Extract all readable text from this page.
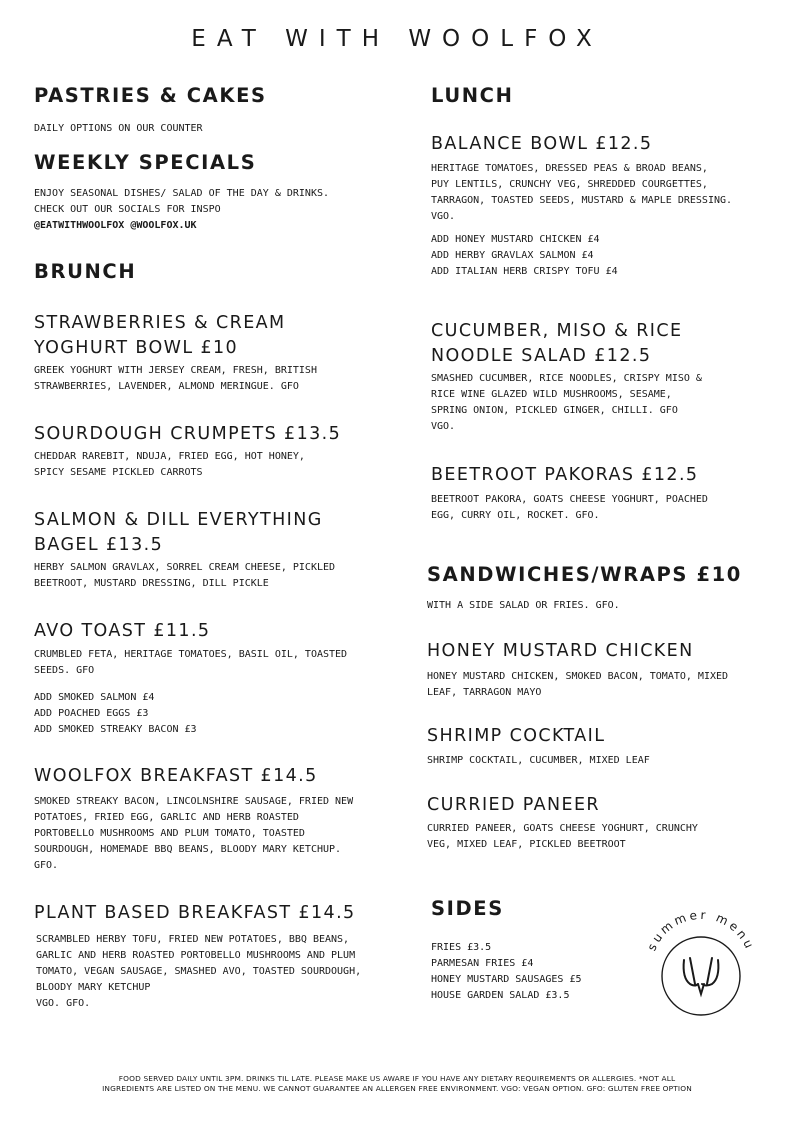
EAT WITH WOOLFOX
PASTRIES & CAKES
DAILY OPTIONS ON OUR COUNTER
WEEKLY SPECIALS
ENJOY SEASONAL DISHES/ SALAD OF THE DAY & DRINKS.
CHECK OUT OUR SOCIALS FOR INSPO
@EATWITHWOOLFOX @WOOLFOX.UK
BRUNCH
STRAWBERRIES & CREAM
YOGHURT BOWL £10
GREEK YOGHURT WITH JERSEY CREAM, FRESH, BRITISH
STRAWBERRIES, LAVENDER, ALMOND MERINGUE. GFO
SOURDOUGH CRUMPETS £13.5
CHEDDAR RAREBIT, NDUJA, FRIED EGG, HOT HONEY,
SPICY SESAME PICKLED CARROTS
SALMON & DILL EVERYTHING
BAGEL £13.5
HERBY SALMON GRAVLAX, SORREL CREAM CHEESE, PICKLED
BEETROOT, MUSTARD DRESSING, DILL PICKLE
AVO TOAST £11.5
CRUMBLED FETA, HERITAGE TOMATOES, BASIL OIL, TOASTED
SEEDS. GFO
ADD SMOKED SALMON £4
ADD POACHED EGGS £3
ADD SMOKED STREAKY BACON £3
WOOLFOX BREAKFAST £14.5
SMOKED STREAKY BACON, LINCOLNSHIRE SAUSAGE, FRIED NEW
POTATOES, FRIED EGG, GARLIC AND HERB ROASTED
PORTOBELLO MUSHROOMS AND PLUM TOMATO, TOASTED
SOURDOUGH, HOMEMADE BBQ BEANS, BLOODY MARY KETCHUP.
GFO.
PLANT BASED BREAKFAST £14.5
SCRAMBLED HERBY TOFU, FRIED NEW POTATOES, BBQ BEANS,
GARLIC AND HERB ROASTED PORTOBELLO MUSHROOMS AND PLUM
TOMATO, VEGAN SAUSAGE, SMASHED AVO, TOASTED SOURDOUGH,
BLOODY MARY KETCHUP
VGO. GFO.
LUNCH
BALANCE BOWL £12.5
HERITAGE TOMATOES, DRESSED PEAS & BROAD BEANS,
PUY LENTILS, CRUNCHY VEG, SHREDDED COURGETTES,
TARRAGON, TOASTED SEEDS, MUSTARD & MAPLE DRESSING.
VGO.
ADD HONEY MUSTARD CHICKEN £4
ADD HERBY GRAVLAX SALMON £4
ADD ITALIAN HERB CRISPY TOFU £4
CUCUMBER, MISO & RICE
NOODLE SALAD £12.5
SMASHED CUCUMBER, RICE NOODLES, CRISPY MISO &
RICE WINE GLAZED WILD MUSHROOMS, SESAME,
SPRING ONION, PICKLED GINGER, CHILLI. GFO
VGO.
BEETROOT PAKORAS £12.5
BEETROOT PAKORA, GOATS CHEESE YOGHURT, POACHED
EGG, CURRY OIL, ROCKET. GFO.
SANDWICHES/WRAPS £10
WITH A SIDE SALAD OR FRIES. GFO.
HONEY MUSTARD CHICKEN
HONEY MUSTARD CHICKEN, SMOKED BACON, TOMATO, MIXED
LEAF, TARRAGON MAYO
SHRIMP COCKTAIL
SHRIMP COCKTAIL, CUCUMBER, MIXED LEAF
CURRIED PANEER
CURRIED PANEER, GOATS CHEESE YOGHURT, CRUNCHY
VEG, MIXED LEAF, PICKLED BEETROOT
SIDES
FRIES £3.5
PARMESAN FRIES £4
HONEY MUSTARD SAUSAGES £5
HOUSE GARDEN SALAD £3.5
summer menu
FOOD SERVED DAILY UNTIL 3PM. DRINKS TIL LATE. PLEASE MAKE US AWARE IF YOU HAVE ANY DIETARY REQUIREMENTS OR ALLERGIES. *NOT ALL
INGREDIENTS ARE LISTED ON THE MENU. WE CANNOT GUARANTEE AN ALLERGEN FREE ENVIRONMENT. VGO: VEGAN OPTION. GFO: GLUTEN FREE OPTION
